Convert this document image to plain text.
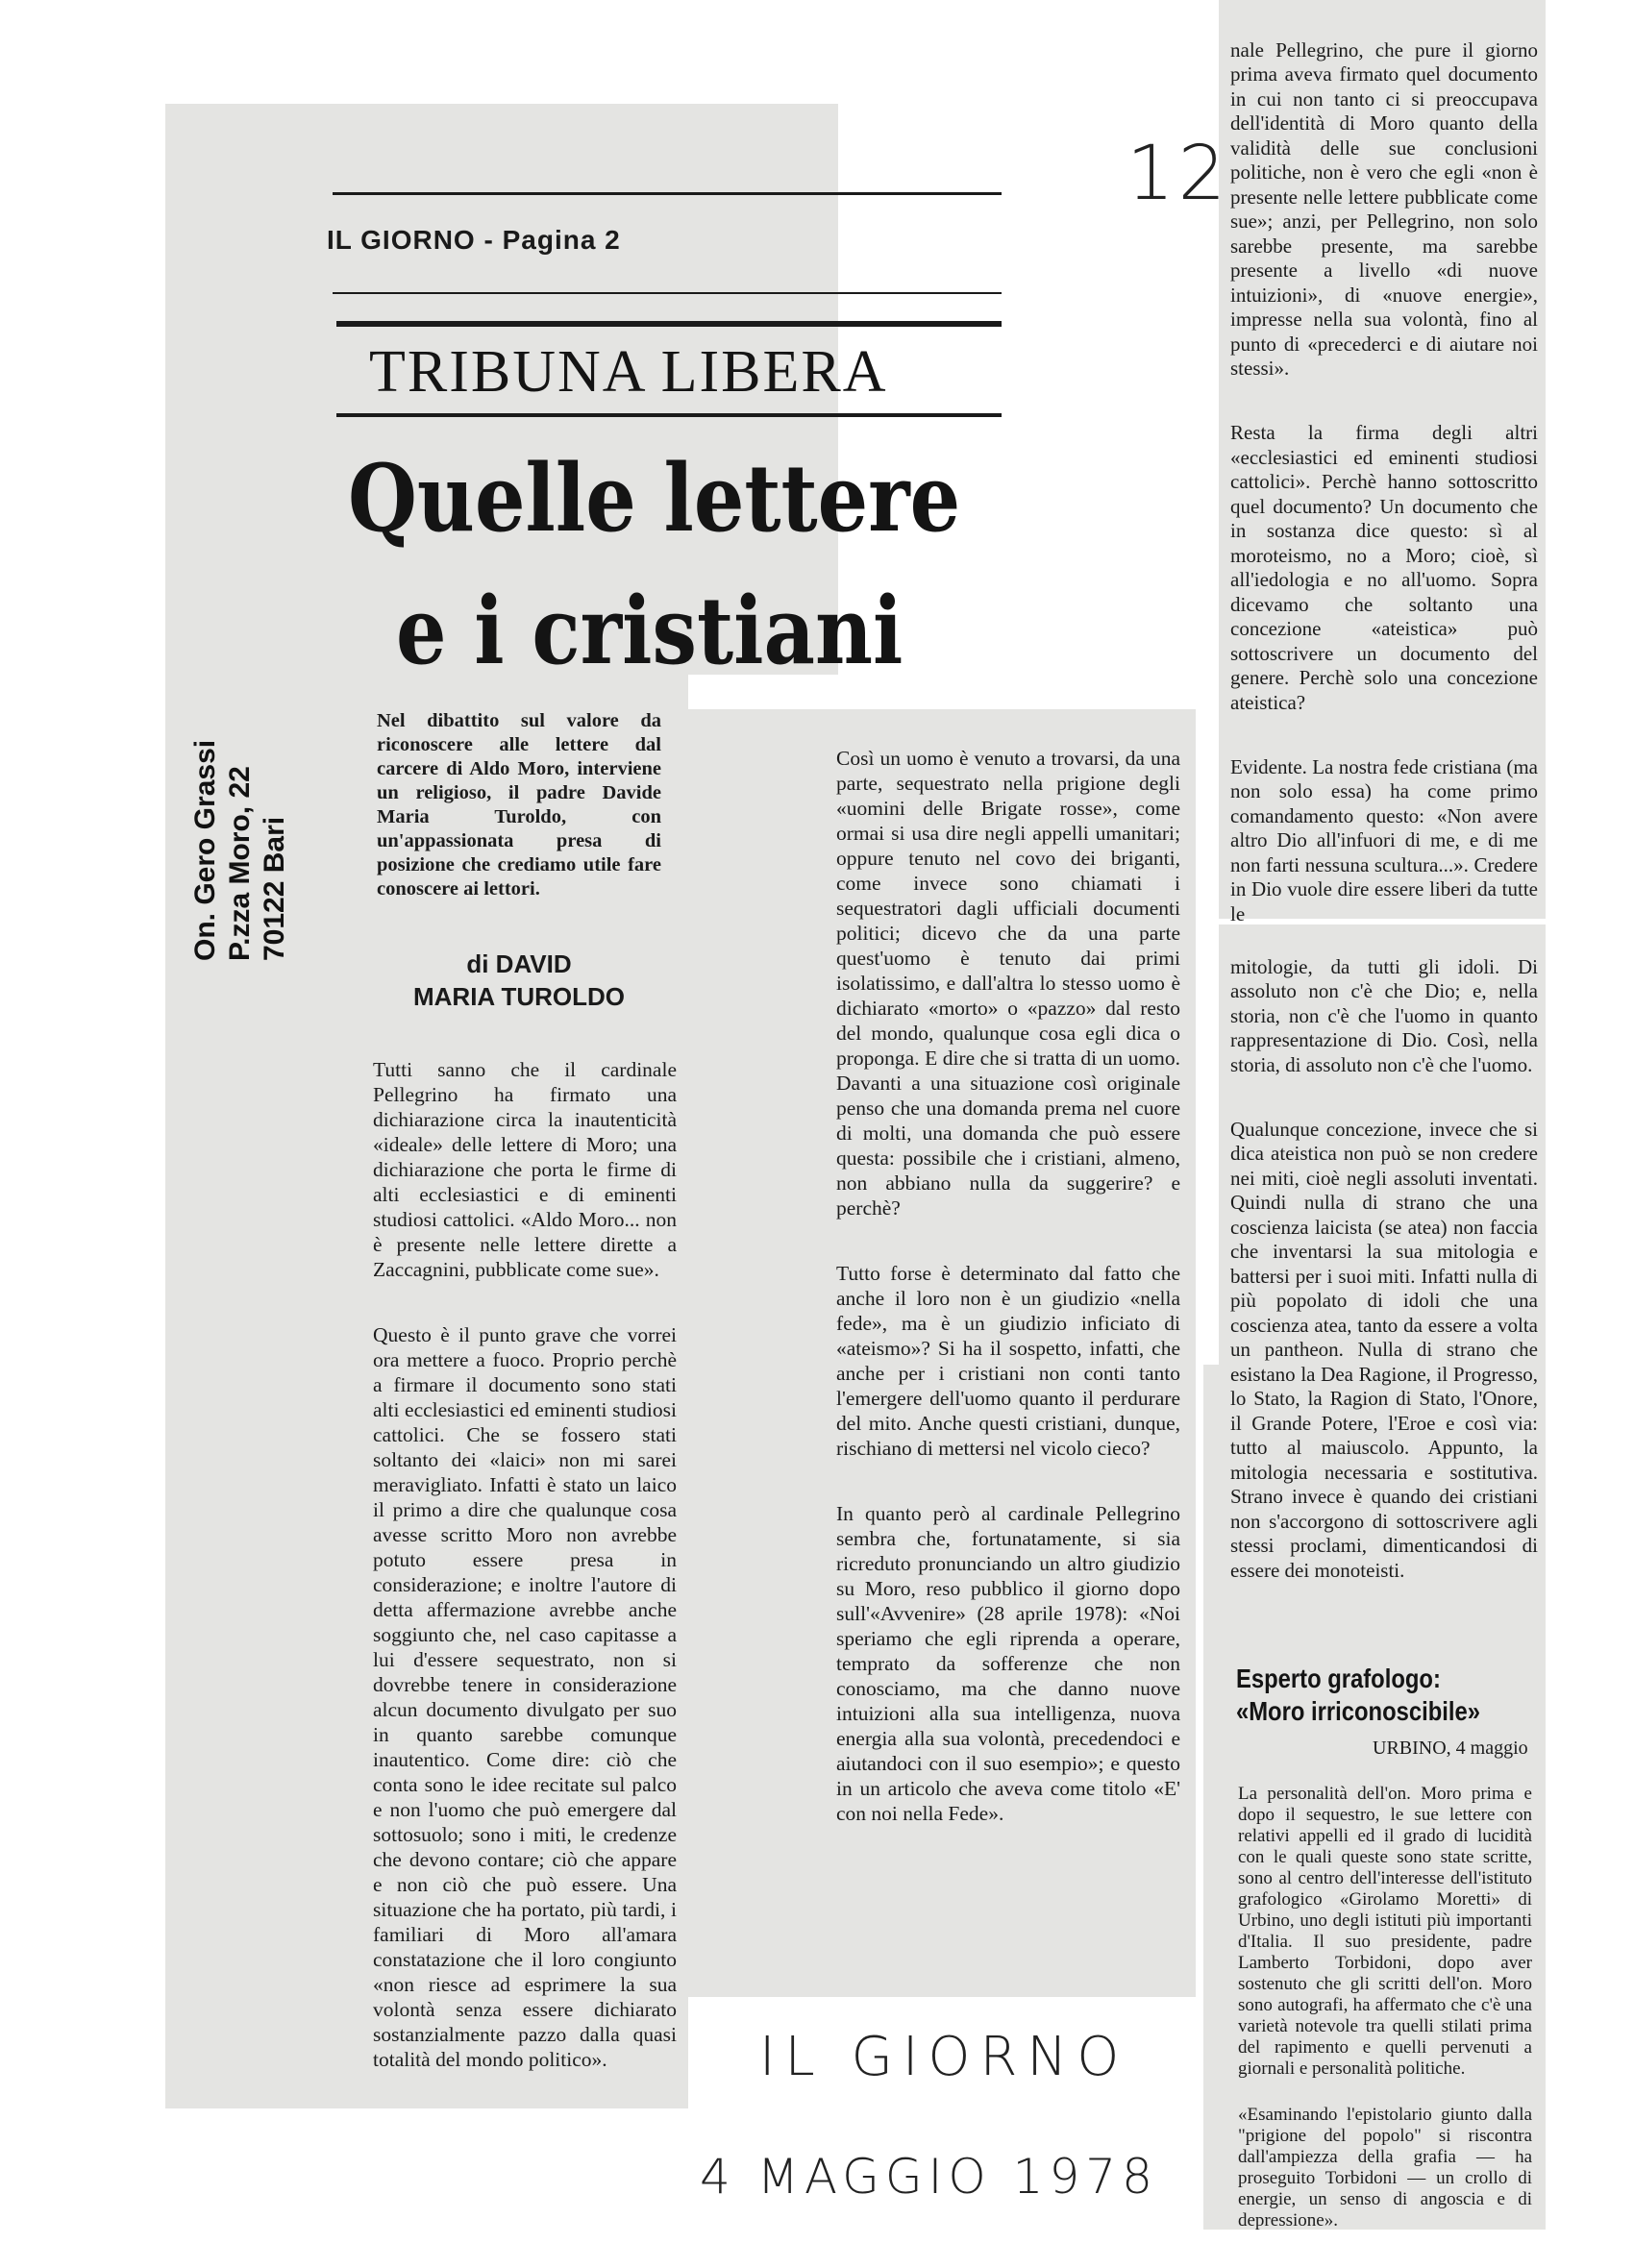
IL GIORNO - Pagina 2
TRIBUNA LIBERA
Quelle lettere
e i cristiani
On. Gero Grassi P.zza Moro, 22 70122 Bari
Nel dibattito sul valore da riconoscere alle lettere dal carcere di Aldo Moro, interviene un religioso, il padre Davide Maria Turoldo, con un'appassionata presa di posizione che crediamo utile fare conoscere ai lettori.
di DAVID
MARIA TUROLDO

Tutti sanno che il cardinale Pellegrino ha firmato una dichiarazione circa la inautenticità «ideale» delle lettere di Moro; una dichiarazione che porta le firme di alti ecclesiastici e di eminenti studiosi cattolici. «Aldo Moro... non è presente nelle lettere dirette a Zaccagnini, pubblicate come sue».

Questo è il punto grave che vorrei ora mettere a fuoco. Proprio perchè a firmare il documento sono stati alti ecclesiastici ed eminenti studiosi cattolici. Che se fossero stati soltanto dei «laici» non mi sarei meravigliato. Infatti è stato un laico il primo a dire che qualunque cosa avesse scritto Moro non avrebbe potuto essere presa in considerazione; e inoltre l'autore di detta affermazione avrebbe anche soggiunto che, nel caso capitasse a lui d'essere sequestrato, non si dovrebbe tenere in considerazione alcun documento divulgato per suo in quanto sarebbe comunque inautentico. Come dire: ciò che conta sono le idee recitate sul palco e non l'uomo che può emergere dal sottosuolo; sono i miti, le credenze che devono contare; ciò che appare e non ciò che può essere. Una situazione che ha portato, più tardi, i familiari di Moro all'amara constatazione che il loro congiunto «non riesce ad esprimere la sua volontà senza essere dichiarato sostanzialmente pazzo dalla quasi totalità del mondo politico».

Così un uomo è venuto a trovarsi, da una parte, sequestrato nella prigione degli «uomini delle Brigate rosse», come ormai si usa dire negli appelli umanitari; oppure tenuto nel covo dei briganti, come invece sono chiamati i sequestratori dagli ufficiali documenti politici; dicevo che da una parte quest'uomo è tenuto dai primi isolatissimo, e dall'altra lo stesso uomo è dichiarato «morto» o «pazzo» dal resto del mondo, qualunque cosa egli dica o proponga. E dire che si tratta di un uomo. Davanti a una situazione così originale penso che una domanda prema nel cuore di molti, una domanda che può essere questa: possibile che i cristiani, almeno, non abbiano nulla da suggerire? e perchè?

Tutto forse è determinato dal fatto che anche il loro non è un giudizio «nella fede», ma è un giudizio inficiato di «ateismo»? Si ha il sospetto, infatti, che anche per i cristiani non conti tanto l'emergere dell'uomo quanto il perdurare del mito. Anche questi cristiani, dunque, rischiano di mettersi nel vicolo cieco?

In quanto però al cardinale Pellegrino sembra che, fortunatamente, si sia ricreduto pronunciando un altro giudizio su Moro, reso pubblico il giorno dopo sull'«Avvenire» (28 aprile 1978): «Noi speriamo che egli riprenda a operare, temprato da sofferenze che non conosciamo, ma che danno nuove intuizioni alla sua intelligenza, nuova energia alla sua volontà, precedendoci e aiutandoci con il suo esempio»; e questo in un articolo che aveva come titolo «E' con noi nella Fede».

nale Pellegrino, che pure il giorno prima aveva firmato quel documento in cui non tanto ci si preoccupava dell'identità di Moro quanto della validità delle sue conclusioni politiche, non è vero che egli «non è presente nelle lettere pubblicate come sue»; anzi, per Pellegrino, non solo sarebbe presente, ma sarebbe presente a livello «di nuove intuizioni», di «nuove energie», impresse nella sua volontà, fino al punto di «precederci e di aiutare noi stessi».

Resta la firma degli altri «ecclesiastici ed eminenti studiosi cattolici». Perchè hanno sottoscritto quel documento? Un documento che in sostanza dice questo: sì al moroteismo, no a Moro; cioè, sì all'iedologia e no all'uomo. Sopra dicevamo che soltanto una concezione «ateistica» può sottoscrivere un documento del genere. Perchè solo una concezione ateistica?

Evidente. La nostra fede cristiana (ma non solo essa) ha come primo comandamento questo: «Non avere altro Dio all'infuori di me, e di me non farti nessuna scultura...». Credere in Dio vuole dire essere liberi da tutte le

mitologie, da tutti gli idoli. Di assoluto non c'è che Dio; e, nella storia, non c'è che l'uomo in quanto rappresentazione di Dio. Così, nella storia, di assoluto non c'è che l'uomo.

Qualunque concezione, invece che si dica ateistica non può se non credere nei miti, cioè negli assoluti inventati. Quindi nulla di strano che una coscienza laicista (se atea) non faccia che inventarsi la sua mitologia e battersi per i suoi miti. Infatti nulla di più popolato di idoli che una coscienza atea, tanto da essere a volta un pantheon. Nulla di strano che esistano la Dea Ragione, il Progresso, lo Stato, la Ragion di Stato, l'Onore, il Grande Potere, l'Eroe e così via: tutto al maiuscolo. Appunto, la mitologia necessaria e sostitutiva. Strano invece è quando dei cristiani non s'accorgono di sottoscrivere agli stessi proclami, dimenticandosi di essere dei monoteisti.

Esperto grafologo:
«Moro irriconoscibile»
URBINO, 4 maggio

La personalità dell'on. Moro prima e dopo il sequestro, le sue lettere con relativi appelli ed il grado di lucidità con le quali queste sono state scritte, sono al centro dell'interesse dell'istituto grafologico «Girolamo Moretti» di Urbino, uno degli istituti più importanti d'Italia. Il suo presidente, padre Lamberto Torbidoni, dopo aver sostenuto che gli scritti dell'on. Moro sono autografi, ha affermato che c'è una varietà notevole tra quelli stilati prima del rapimento e quelli pervenuti a giornali e personalità politiche.

«Esaminando l'epistolario giunto dalla "prigione del popolo" si riscontra dall'ampiezza della grafia — ha proseguito Torbidoni — un crollo di energie, un senso di angoscia e di depressione».

12
IL GIORNO
4 MAGGIO 1978
